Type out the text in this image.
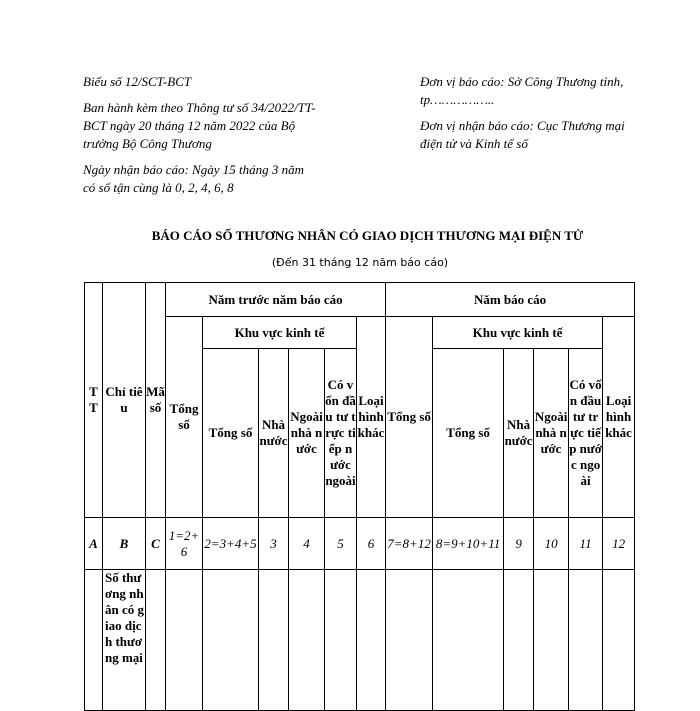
Biểu số 12/SCT-BCT

Ban hành kèm theo Thông tư số 34/2022/TT-BCT ngày 20 tháng 12 năm 2022 của Bộ trưởng Bộ Công Thương

Ngày nhận báo cáo: Ngày 15 tháng 3 năm có số tận cùng là 0, 2, 4, 6, 8

Đơn vị báo cáo: Sở Công Thương tỉnh, tp……………..

Đơn vị nhận báo cáo: Cục Thương mại điện tử và Kinh tế số

BÁO CÁO SỐ THƯƠNG NHÂN CÓ GIAO DỊCH THƯƠNG MẠI ĐIỆN TỬ
(Đến 31 tháng 12 năm báo cáo)
TT	Chỉ tiêu	Mã số	Năm trước năm báo cáo						Năm báo cáo					
			Tổng số	Khu vực kinh tế				Loại hình khác	Tổng số	Khu vực kinh tế				Loại hình khác
				Tổng số	Nhà nước	Ngoài nhà nước	Có vốn đầu tư trực tiếp nước ngoài			Tổng số	Nhà nước	Ngoài nhà nước	Có vốn đầu tư trực tiếp nước ngoài	
A	B	C	1=2+6	2=3+4+5	3	4	5	6	7=8+12	8=9+10+11	9	10	11	12
	Số thương nhân có giao dịch thương mại													
